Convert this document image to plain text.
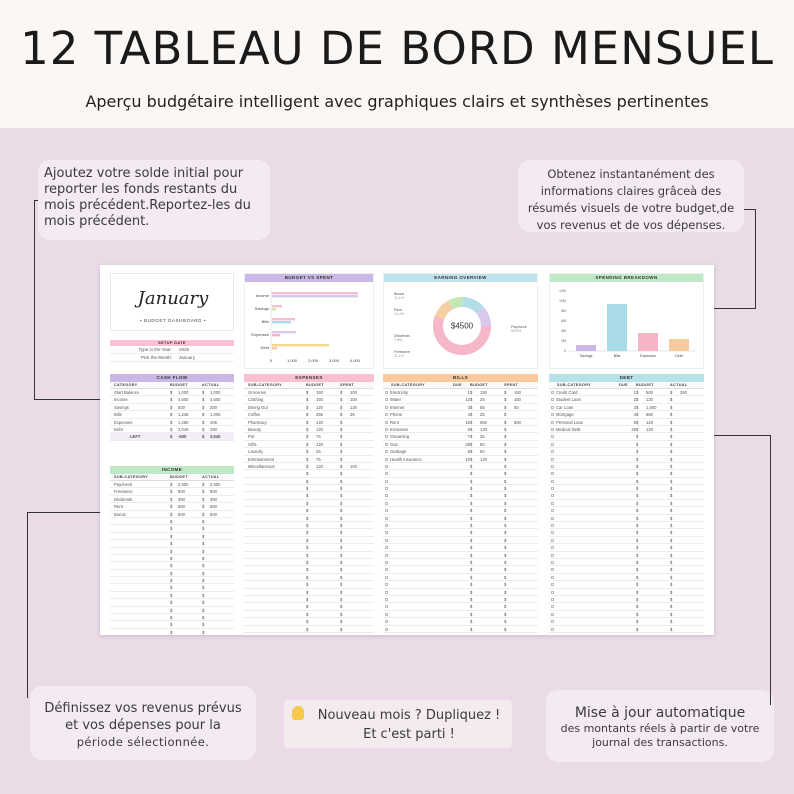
12 TABLEAU DE BORD MENSUEL
Aperçu budgétaire intelligent avec graphiques clairs et synthèses pertinentes
Ajoutez votre solde initial pour reporter les fonds restants du mois précédent.Reportez-les du mois précédent.
Obtenez instantanément des informations claires grâceà des résumés visuels de votre budget,de vos revenus et de vos dépenses.
Définissez vos revenus prévus et vos dépenses pour la
période sélectionnée.
Nouveau mois ? Dupliquez !
Et c'est parti !
Mise à jour automatique
des montants réels à partir de votre journal des transactions.
January
• BUDGET DASHBOARD •
SETUP DATE
Type in the Year:	2025
Pick the Month:	January
BUDGET VS SPENT
Income
Savings
Bills
Expenses
Debt
0	1,000	2,000	3,000	4,000
EARNING OVERVIEW
$4500
Bonus
11.1%
Rent
14.4%
Dividends
7.8%
Freelance
11.1%
Paycheck
55.6%
SPENDING BREAKDOWN
12M
10M
8M
6M
4M
2M
0
Savings	Bills	Expenses	Debt
CASH FLOW
CATEGORY	BUDGET	ACTUAL
Start Balance	$	1,000	$	1,000
Income	$	4,500	$	4,500
Savings	$	500	$	200
Bills	$	1,245	$	1,005
Expenses	$	1,265	$	405
Debt	$	3,040	$	250
LEFT	$	-600	$	3,640
INCOME
SUB-CATEGORY	BUDGET	ACTUAL
Paycheck	$	2,500	$	2,500
Freelance	$	500	$	500
Dividends	$	350	$	350
Rent	$	650	$	650
Bonus	$	500	$	500
$	$
$	$
$	$
$	$
$	$
$	$
$	$
$	$
$	$
$	$
$	$
$	$
$	$
$	$
$	$
$	$
EXPENSES
SUB-CATEGORY	BUDGET	SPENT
Groceries	$	150	$	100
Clothing	$	150	$	150
Dining Out	$	120	$	120
Coffee	$	255	$	35
Pharmacy	$	120	$
Beauty	$	120	$
Pet	$	75	$
Gifts	$	120	$
Laundry	$	25	$
Entertainment	$	75	$
Miscellaneous	$	120	$	100
$	$
$	$
$	$
$	$
$	$
$	$
$	$
$	$
$	$
$	$
$	$
$	$
$	$
$	$
$	$
$	$
$	$
$	$
$	$
$	$
$	$
$	$
BILLS
SUB-CATEGORY	DUE	BUDGET	SPENT
Electricity	1 $	150	$	150
Water	12 $	25	$	150
Internet	3 $	55	$	55
Phone	4 $	25	$
Rent	15 $	650	$	650
Insurance	6 $	120	$
Streaming	7 $	35	$
Gas	28 $	50	$
Garbage	9 $	50	$
Health Insurance	10 $	120	$
$	$
$	$
$	$
$	$
$	$
$	$
$	$
$	$
$	$
$	$
$	$
$	$
$	$
$	$
$	$
$	$
$	$
$	$
$	$
$	$
$	$
$	$
$	$
DEBT
SUB-CATEGORY	DUE	BUDGET	ACTUAL
Credit Card	1 $	500	$	250
Student Loan	2 $	120	$
Car Loan	3 $	1,500	$
Mortgage	4 $	660	$
Personal Loan	5 $	120	$
Medical Debt	25 $	120	$
$	$
$	$
$	$
$	$
$	$
$	$
$	$
$	$
$	$
$	$
$	$
$	$
$	$
$	$
$	$
$	$
$	$
$	$
$	$
$	$
$	$
$	$
$	$
$	$
$	$
$	$
$	$
